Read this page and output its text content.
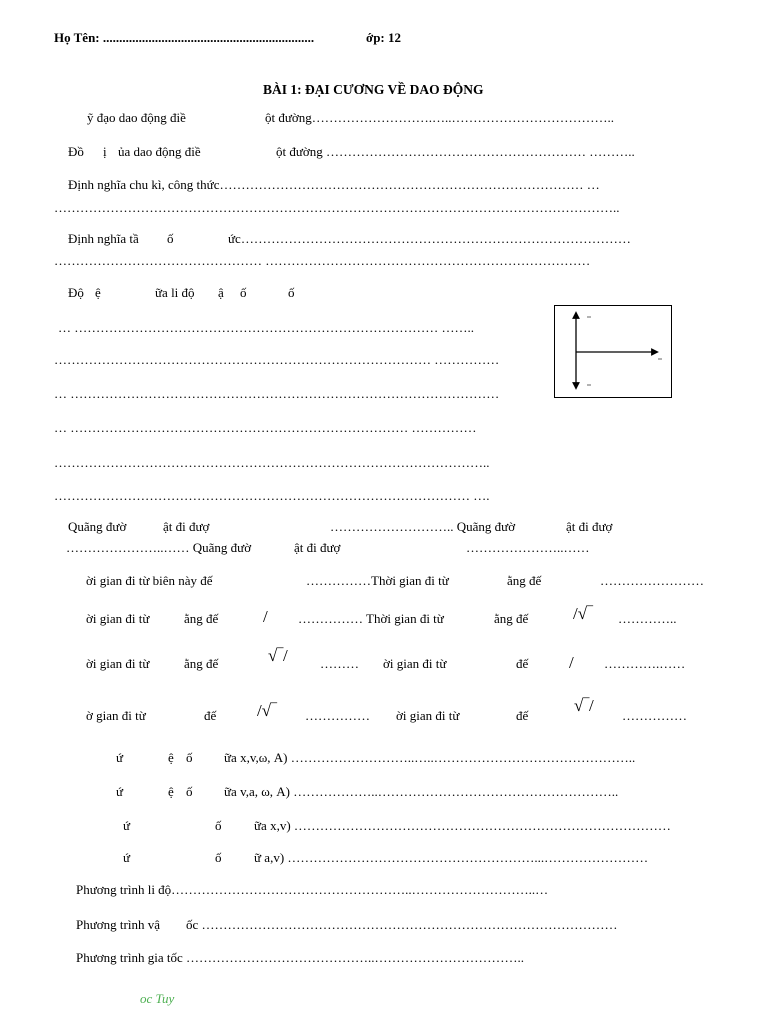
Họ Tên: .................................................................	ớp: 12
BÀI 1: ĐẠI CƯƠNG VỀ DAO ĐỘNG
ỹ đạo dao động điề	ột đường……………………….…..………………………………..
Đồ ị ủa dao động điề	ột đường …………………………………………………… ………..
Định nghĩa chu kì, công thức………………………………………………………………………… …
…………………………………………………………………………………………………………………..
Định nghĩa tầ ố	ức………………………………………………………………………………
………………………………………… …………………………………………………………………
Độ ệ	ữa li độ ậ ố	ố
… ………………………………………………………………………… ……..
…………………………………………………………………………… ……………
… ………………………………………………………………………………………
… …………………………………………………………………… ……………
………………………………………………………………………………………..
…………………………………………………………………………………… ….
Quãng đườ	ật đi đượ	……………………….. Quãng đườ	ật đi đượ
…………………..…… Quãng đườ	ật đi đượ	…………………..……
ời gian đi từ biên này đế	……………Thời gian đi từ	ằng đế	……………………
ời gian đi từ	ằng đế	…………… Thời gian đi từ	ằng đế	…………..
ời gian đi từ	ằng đế	……… ời gian đi từ	đế	………….……
ờ gian đi từ	đế	…………… ời gian đi từ	đế	……………
ứ	ệ ố ữa x,v,ω, A) ………………………..…..………………………………………..
ứ	ệ ố ữa v,a, ω, A) ………………..………………………………………………..
ứ	ố	ữa x,v) ……………………………………………………………………………
ứ	ố	ữ a,v) …………………………………………………...……………………
Phương trình li độ………………………………………………..………………………..…
Phương trình vậ ốc ……………………………………………………………………………………
Phương trình gia tốc ……………………………………..……………………………..
/	/√‾
√‾/	/
/√‾	√‾/
oc Tuy
